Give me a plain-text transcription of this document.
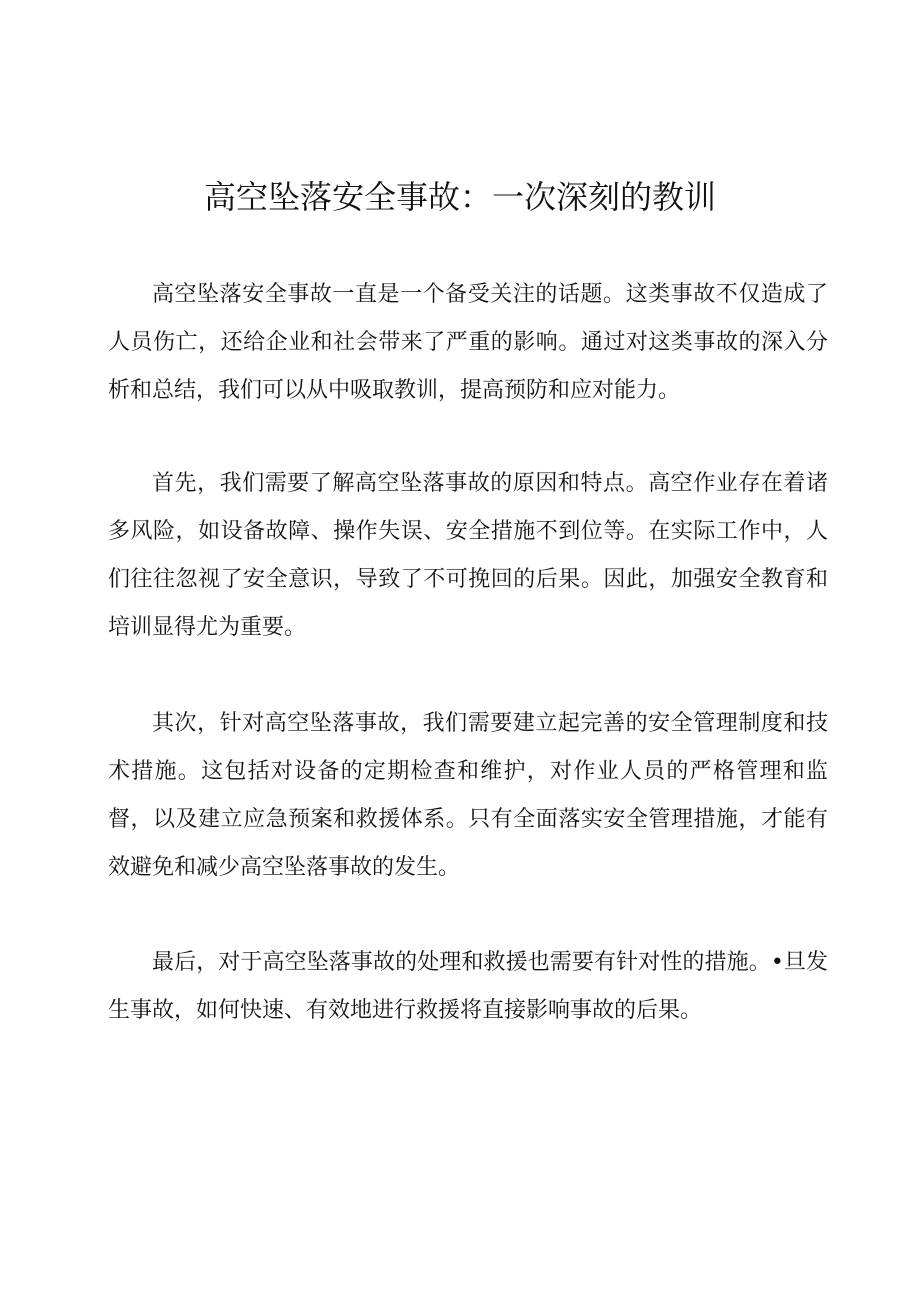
高空坠落安全事故：一次深刻的教训

高空坠落安全事故一直是一个备受关注的话题。这类事故不仅造成了人员伤亡，还给企业和社会带来了严重的影响。通过对这类事故的深入分析和总结，我们可以从中吸取教训，提高预防和应对能力。

首先，我们需要了解高空坠落事故的原因和特点。高空作业存在着诸多风险，如设备故障、操作失误、安全措施不到位等。在实际工作中，人们往往忽视了安全意识，导致了不可挽回的后果。因此，加强安全教育和培训显得尤为重要。

其次，针对高空坠落事故，我们需要建立起完善的安全管理制度和技术措施。这包括对设备的定期检查和维护，对作业人员的严格管理和监督，以及建立应急预案和救援体系。只有全面落实安全管理措施，才能有效避免和减少高空坠落事故的发生。

最后，对于高空坠落事故的处理和救援也需要有针对性的措施。•旦发生事故，如何快速、有效地进行救援将直接影响事故的后果。
